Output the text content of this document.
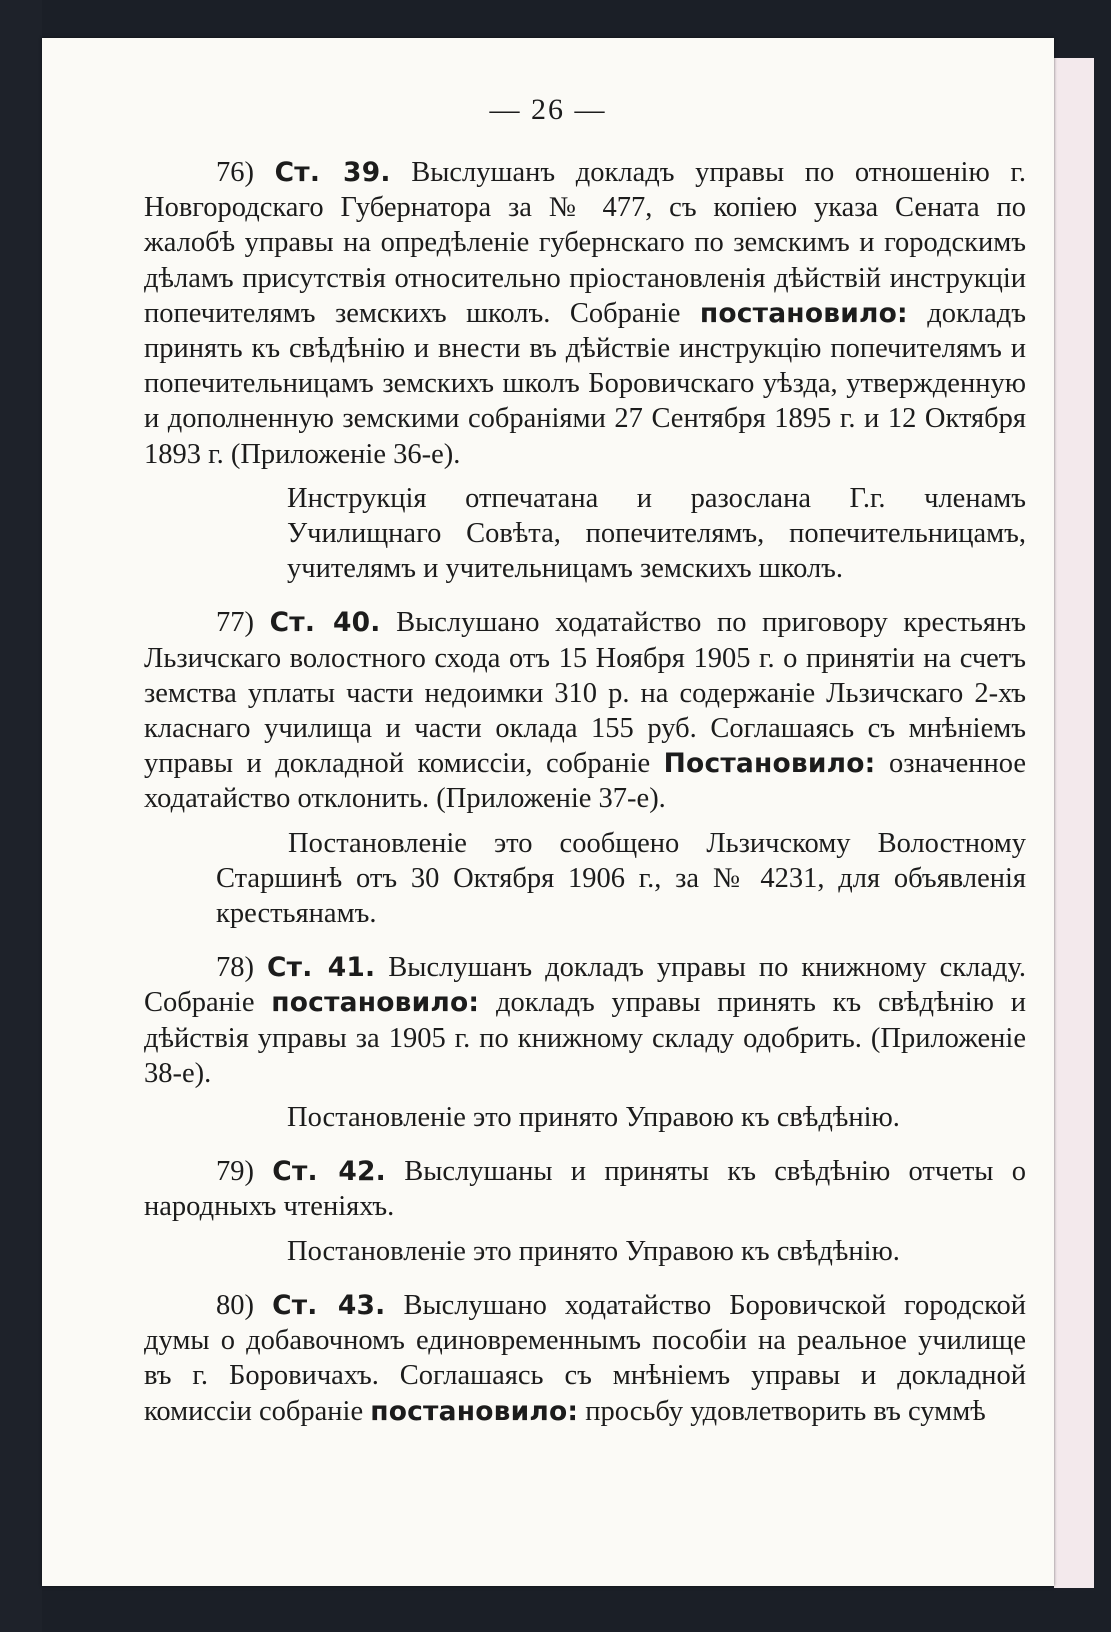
— 26 —

76) Ст. 39. Выслушанъ докладъ управы по отношенію г. Новгородскаго Губернатора за № 477, съ копіею указа Сената по жалобѣ управы на опредѣленіе губернскаго по земскимъ и городскимъ дѣламъ присутствія относительно пріостановленія дѣйствій инструкціи попечителямъ земскихъ школъ. Собраніе постановило: докладъ принять къ свѣдѣнію и внести въ дѣйствіе инструкцію попечителямъ и попечительницамъ земскихъ школъ Боровичскаго уѣзда, утвержденную и дополненную земскими собраніями 27 Сентября 1895 г. и 12 Октября 1893 г. (Приложеніе 36-е).

Инструкція отпечатана и разослана Г.г. членамъ Училищнаго Совѣта, попечителямъ, попечительницамъ, учителямъ и учительницамъ земскихъ школъ.

77) Ст. 40. Выслушано ходатайство по приговору крестьянъ Льзичскаго волостного схода отъ 15 Ноября 1905 г. о принятіи на счетъ земства уплаты части недоимки 310 р. на содержаніе Льзичскаго 2-хъ класнаго училища и части оклада 155 руб. Соглашаясь съ мнѣніемъ управы и докладной комиссіи, собраніе Постановило: означенное ходатайство отклонить. (Приложеніе 37-е).

Постановленіе это сообщено Льзичскому Волостному Старшинѣ отъ 30 Октября 1906 г., за № 4231, для объявленія крестьянамъ.

78) Ст. 41. Выслушанъ докладъ управы по книжному складу. Собраніе постановило: докладъ управы принять къ свѣдѣнію и дѣйствія управы за 1905 г. по книжному складу одобрить. (Приложеніе 38-е).

Постановленіе это принято Управою къ свѣдѣнію.

79) Ст. 42. Выслушаны и приняты къ свѣдѣнію отчеты о народныхъ чтеніяхъ.

Постановленіе это принято Управою къ свѣдѣнію.

80) Ст. 43. Выслушано ходатайство Боровичской городской думы о добавочномъ единовременнымъ пособіи на реальное училище въ г. Боровичахъ. Соглашаясь съ мнѣніемъ управы и докладной комиссіи собраніе постановило: просьбу удовлетворить въ суммѣ
